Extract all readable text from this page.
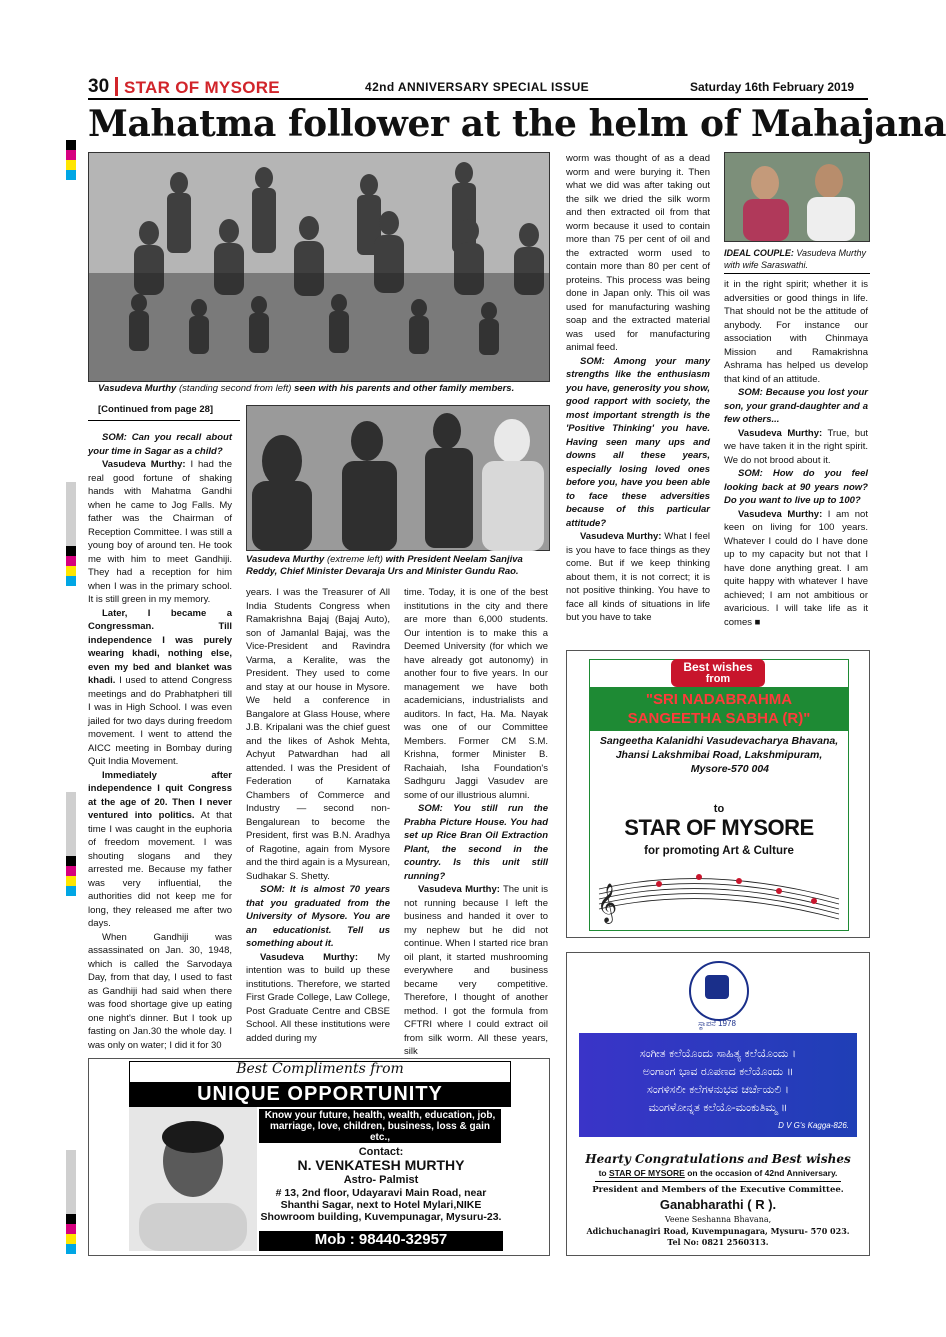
30 STAR OF MYSORE	42nd ANNIVERSARY SPECIAL ISSUE	Saturday 16th February 2019
Mahatma follower at the helm of Mahajana
Vasudeva Murthy (standing second from left) seen with his parents and other family members.
[Continued from page 28]
Vasudeva Murthy (extreme left) with President Neelam Sanjiva Reddy, Chief Minister Devaraja Urs and Minister Gundu Rao.
IDEAL COUPLE: Vasudeva Murthy with wife Saraswathi.

SOM: Can you recall about your time in Sagar as a child?

Vasudeva Murthy: I had the real good fortune of shaking hands with Mahatma Gandhi when he came to Jog Falls. My father was the Chairman of Reception Committee. I was still a young boy of around ten. He took me with him to meet Gandhiji. They had a reception for him when I was in the primary school. It is still green in my memory.

Later, I became a Congressman. Till independence I was purely wearing khadi, nothing else, even my bed and blanket was khadi. I used to attend Congress meetings and do Prabhatpheri till I was in High School. I was even jailed for two days during freedom movement. I went to attend the AICC meeting in Bombay during Quit India Movement.

Immediately after independence I quit Congress at the age of 20. Then I never ventured into politics. At that time I was caught in the euphoria of freedom movement. I was shouting slogans and they arrested me. Because my father was very influential, the authorities did not keep me for long, they released me after two days.

When Gandhiji was assassinated on Jan. 30, 1948, which is called the Sarvodaya Day, from that day, I used to fast as Gandhiji had said when there was food shortage give up eating one night's dinner. But I took up fasting on Jan.30 the whole day. I was only on water; I did it for 30

years. I was the Treasurer of All India Students Congress when Ramakrishna Bajaj (Bajaj Auto), son of Jamanlal Bajaj, was the Vice-President and Ravindra Varma, a Keralite, was the President. They used to come and stay at our house in Mysore. We held a conference in Bangalore at Glass House, where J.B. Kripalani was the chief guest and the likes of Ashok Mehta, Achyut Patwardhan had all attended. I was the President of Federation of Karnataka Chambers of Commerce and Industry — second non-Bengalurean to become the President, first was B.N. Aradhya of Ragotine, again from Mysore and the third again is a Mysurean, Sudhakar S. Shetty.

SOM: It is almost 70 years that you graduated from the University of Mysore. You are an educationist. Tell us something about it.

Vasudeva Murthy: My intention was to build up these institutions. Therefore, we started First Grade College, Law College, Post Graduate Centre and CBSE School. All these institutions were added during my

time. Today, it is one of the best institutions in the city and there are more than 6,000 students. Our intention is to make this a Deemed University (for which we have already got autonomy) in another four to five years. In our management we have both academicians, industrialists and auditors. In fact, Ha. Ma. Nayak was one of our Committee Members. Former CM S.M. Krishna, former Minister B. Rachaiah, Isha Foundation's Sadhguru Jaggi Vasudev are some of our illustrious alumni.

SOM: You still run the Prabha Picture House. You had set up Rice Bran Oil Extraction Plant, the second in the country. Is this unit still running?

Vasudeva Murthy: The unit is not running because I left the business and handed it over to my nephew but he did not continue. When I started rice bran oil plant, it started mushrooming everywhere and business became very competitive. Therefore, I thought of another method. I got the formula from CFTRI where I could extract oil from silk worm. All these years, silk

worm was thought of as a dead worm and were burying it. Then what we did was after taking out the silk we dried the silk worm and then extracted oil from that worm because it used to contain more than 75 per cent of oil and the extracted worm used to contain more than 80 per cent of proteins. This process was being done in Japan only. This oil was used for manufacturing washing soap and the extracted material was used for manufacturing animal feed.

SOM: Among your many strengths like the enthusiasm you have, generosity you show, good rapport with society, the most important strength is the 'Positive Thinking' you have. Having seen many ups and downs all these years, especially losing loved ones before you, have you been able to face these adversities because of this particular attitude?

Vasudeva Murthy: What I feel is you have to face things as they come. But if we keep thinking about them, it is not correct; it is not positive thinking. You have to face all kinds of situations in life but you have to take

it in the right spirit; whether it is adversities or good things in life. That should not be the attitude of anybody. For instance our association with Chinmaya Mission and Ramakrishna Ashrama has helped us develop that kind of an attitude.

SOM: Because you lost your son, your grand-daughter and a few others...

Vasudeva Murthy: True, but we have taken it in the right spirit. We do not brood about it.

SOM: How do you feel looking back at 90 years now? Do you want to live up to 100?

Vasudeva Murthy: I am not keen on living for 100 years. Whatever I could do I have done up to my capacity but not that I have done anything great. I am quite happy with whatever I have achieved; I am not ambitious or avaricious. I will take life as it comes ■

Best wishes
from
"SRI NADABRAHMA
SANGEETHA SABHA (R)"
Sangeetha Kalanidhi Vasudevacharya Bhavana,
Jhansi Lakshmibai Road, Lakshmipuram,
Mysore-570 004
to
STAR OF MYSORE
for promoting Art & Culture
𝄞
ಸ್ಥಾಪನೆ 1978
ಸಂಗೀತ ಕಲೆಯೊಂದು ಸಾಹಿತ್ಯ ಕಲೆಯೊಂದು ।
ಅಂಗಾಂಗ ಭಾವ ರೂಪಣದ ಕಲೆಯೊಂದು ॥
ಸಂಗಳಿಸಲೀ ಕಲೆಗಳನುಭವ ಚರ್ಚೆಯಲಿ ।
ಮಂಗಳೋನ್ನತ ಕಲೆಯೊ-ಮಂಕುತಿಮ್ಮ ॥
D V G's Kagga-826.
Hearty Congratulations and Best wishes
to STAR OF MYSORE on the occasion of 42nd Anniversary.
President and Members of the Executive Committee.
Ganabharathi ( R ).
Veene Seshanna Bhavana,
Adichuchanagiri Road, Kuvempunagara, Mysuru- 570 023.
Tel No: 0821 2560313.
Best Compliments from
UNIQUE OPPORTUNITY
Know your future, health, wealth, education, job, marriage, love, children, business, loss & gain etc.,
Contact:
N. VENKATESH MURTHY
Astro- Palmist
# 13, 2nd floor, Udayaravi Main Road, near Shanthi Sagar, next to Hotel Mylari,NIKE Showroom building, Kuvempunagar, Mysuru-23.
Mob : 98440-32957
